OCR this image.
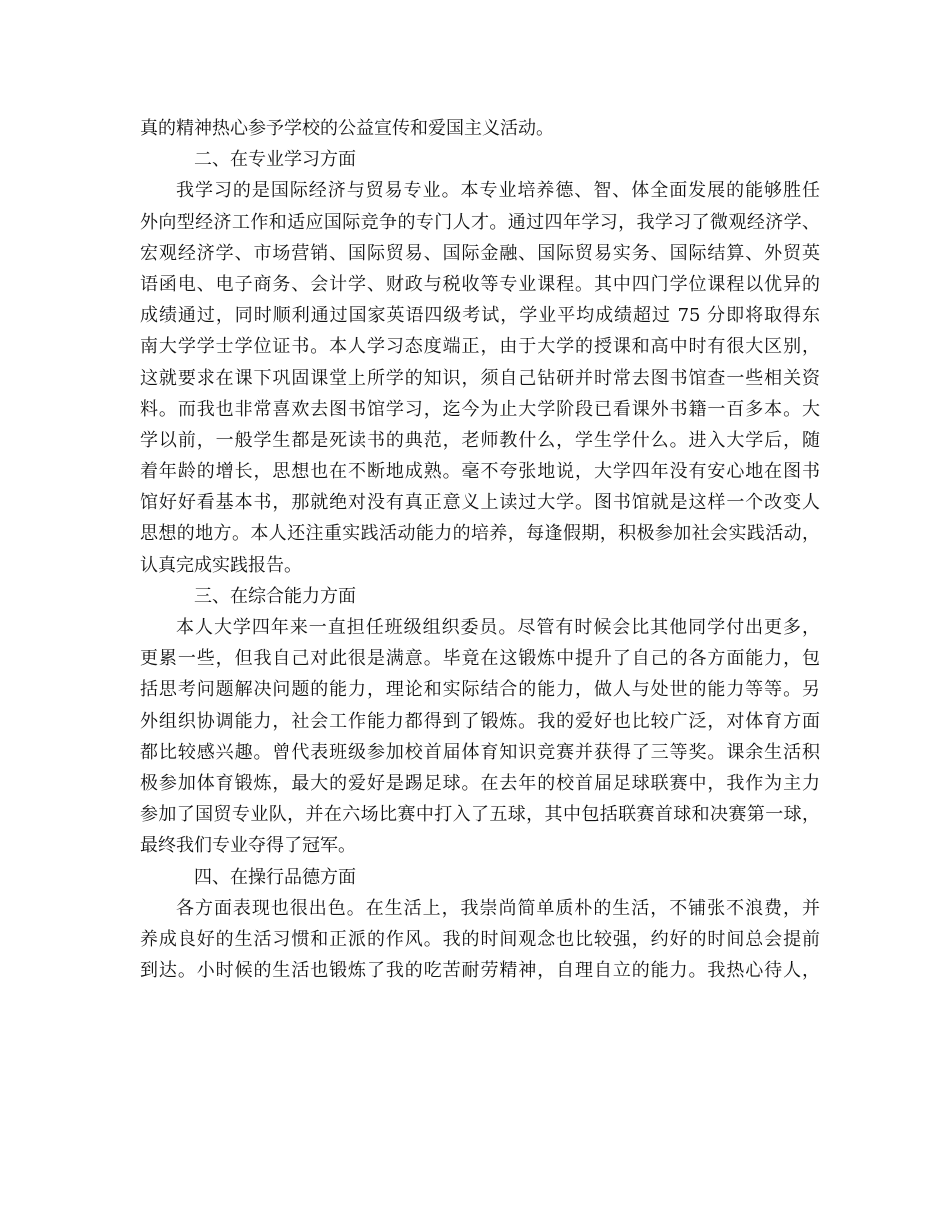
真的精神热心参予学校的公益宣传和爱国主义活动。
二、在专业学习方面
我学习的是国际经济与贸易专业。本专业培养德、智、体全面发展的能够胜任
外向型经济工作和适应国际竞争的专门人才。通过四年学习，我学习了微观经济学、
宏观经济学、市场营销、国际贸易、国际金融、国际贸易实务、国际结算、外贸英
语函电、电子商务、会计学、财政与税收等专业课程。其中四门学位课程以优异的
成绩通过，同时顺利通过国家英语四级考试，学业平均成绩超过 75 分即将取得东
南大学学士学位证书。本人学习态度端正，由于大学的授课和高中时有很大区别，
这就要求在课下巩固课堂上所学的知识，须自己钻研并时常去图书馆查一些相关资
料。而我也非常喜欢去图书馆学习，迄今为止大学阶段已看课外书籍一百多本。大
学以前，一般学生都是死读书的典范，老师教什么，学生学什么。进入大学后，随
着年龄的增长，思想也在不断地成熟。毫不夸张地说，大学四年没有安心地在图书
馆好好看基本书，那就绝对没有真正意义上读过大学。图书馆就是这样一个改变人
思想的地方。本人还注重实践活动能力的培养，每逢假期，积极参加社会实践活动，
认真完成实践报告。
三、在综合能力方面
本人大学四年来一直担任班级组织委员。尽管有时候会比其他同学付出更多，
更累一些，但我自己对此很是满意。毕竟在这锻炼中提升了自己的各方面能力，包
括思考问题解决问题的能力，理论和实际结合的能力，做人与处世的能力等等。另
外组织协调能力，社会工作能力都得到了锻炼。我的爱好也比较广泛，对体育方面
都比较感兴趣。曾代表班级参加校首届体育知识竞赛并获得了三等奖。课余生活积
极参加体育锻炼，最大的爱好是踢足球。在去年的校首届足球联赛中，我作为主力
参加了国贸专业队，并在六场比赛中打入了五球，其中包括联赛首球和决赛第一球，
最终我们专业夺得了冠军。
四、在操行品德方面
各方面表现也很出色。在生活上，我崇尚简单质朴的生活，不铺张不浪费，并
养成良好的生活习惯和正派的作风。我的时间观念也比较强，约好的时间总会提前
到达。小时候的生活也锻炼了我的吃苦耐劳精神，自理自立的能力。我热心待人，
